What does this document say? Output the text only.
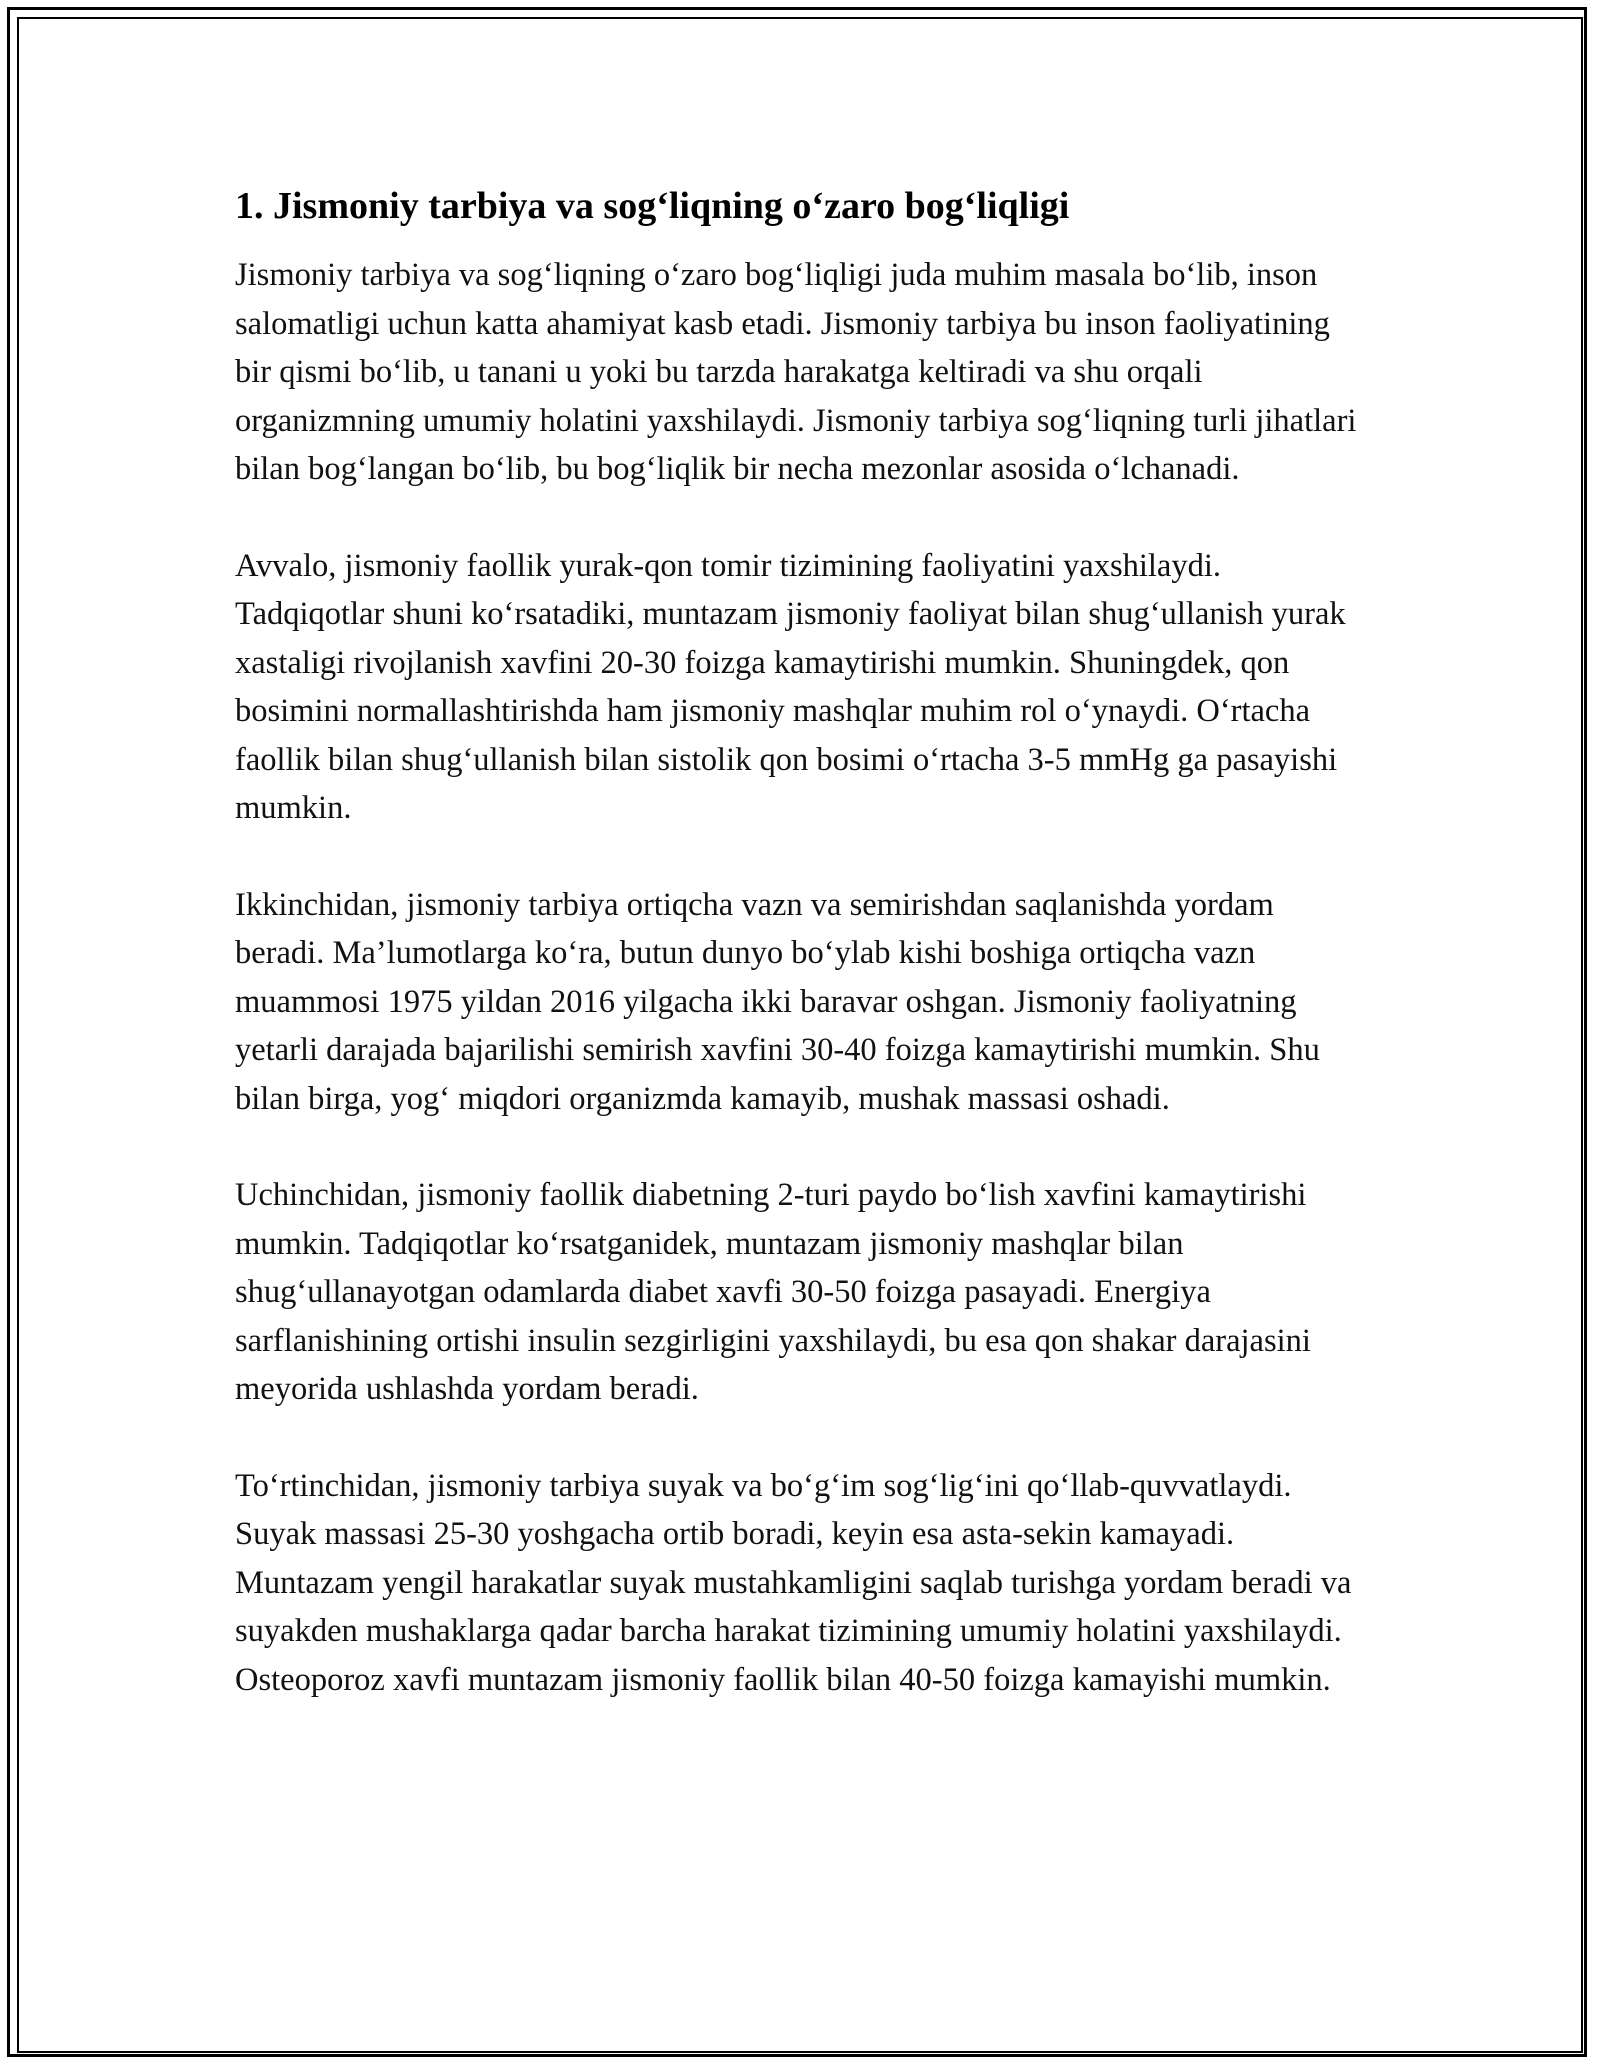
1. Jismoniy tarbiya va sog‘liqning o‘zaro bog‘liqligi

Jismoniy tarbiya va sog‘liqning o‘zaro bog‘liqligi juda muhim masala bo‘lib, inson salomatligi uchun katta ahamiyat kasb etadi. Jismoniy tarbiya bu inson faoliyatining bir qismi bo‘lib, u tanani u yoki bu tarzda harakatga keltiradi va shu orqali organizmning umumiy holatini yaxshilaydi. Jismoniy tarbiya sog‘liqning turli jihatlari bilan bog‘langan bo‘lib, bu bog‘liqlik bir necha mezonlar asosida o‘lchanadi.

Avvalo, jismoniy faollik yurak-qon tomir tizimining faoliyatini yaxshilaydi. Tadqiqotlar shuni ko‘rsatadiki, muntazam jismoniy faoliyat bilan shug‘ullanish yurak xastaligi rivojlanish xavfini 20-30 foizga kamaytirishi mumkin. Shuningdek, qon bosimini normallashtirishda ham jismoniy mashqlar muhim rol o‘ynaydi. O‘rtacha faollik bilan shug‘ullanish bilan sistolik qon bosimi o‘rtacha 3-5 mmHg ga pasayishi mumkin.

Ikkinchidan, jismoniy tarbiya ortiqcha vazn va semirishdan saqlanishda yordam beradi. Ma’lumotlarga ko‘ra, butun dunyo bo‘ylab kishi boshiga ortiqcha vazn muammosi 1975 yildan 2016 yilgacha ikki baravar oshgan. Jismoniy faoliyatning yetarli darajada bajarilishi semirish xavfini 30-40 foizga kamaytirishi mumkin. Shu bilan birga, yog‘ miqdori organizmda kamayib, mushak massasi oshadi.

Uchinchidan, jismoniy faollik diabetning 2-turi paydo bo‘lish xavfini kamaytirishi mumkin. Tadqiqotlar ko‘rsatganidek, muntazam jismoniy mashqlar bilan shug‘ullanayotgan odamlarda diabet xavfi 30-50 foizga pasayadi. Energiya sarflanishining ortishi insulin sezgirligini yaxshilaydi, bu esa qon shakar darajasini meyorida ushlashda yordam beradi.

To‘rtinchidan, jismoniy tarbiya suyak va bo‘g‘im sog‘lig‘ini qo‘llab-quvvatlaydi. Suyak massasi 25-30 yoshgacha ortib boradi, keyin esa asta-sekin kamayadi. Muntazam yengil harakatlar suyak mustahkamligini saqlab turishga yordam beradi va suyakden mushaklarga qadar barcha harakat tizimining umumiy holatini yaxshilaydi. Osteoporoz xavfi muntazam jismoniy faollik bilan 40-50 foizga kamayishi mumkin.
